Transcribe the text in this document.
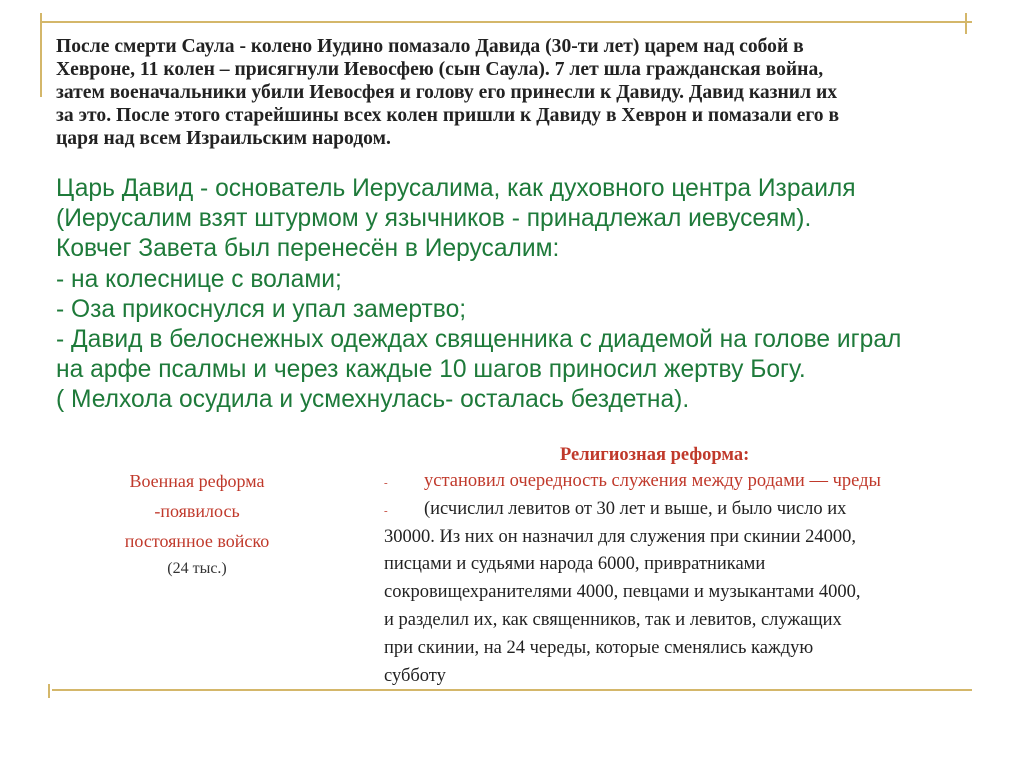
После смерти Саула - колено Иудино помазало Давида (30-ти лет) царем над собой в
Хевроне, 11 колен – присягнули Иевосфею (сын Саула). 7 лет шла гражданская война,
затем военачальники убили Иевосфея и голову его принесли к Давиду. Давид казнил их
за это. После этого старейшины всех колен пришли к Давиду в Хеврон и помазали его в
царя над всем Израильским народом.
Царь Давид - основатель Иерусалима, как духовного центра Израиля
(Иерусалим взят штурмом у язычников - принадлежал иевусеям).
Ковчег Завета был перенесён в Иерусалим:
- на колеснице с волами;
- Оза прикоснулся и упал замертво;
- Давид в белоснежных одеждах священника с диадемой на голове играл
на арфе псалмы и через каждые 10 шагов приносил жертву Богу.
( Мелхола осудила и усмехнулась- осталась бездетна).
Военная реформа
-появилось
постоянное войско
(24 тыс.)
Религиозная реформа:
- установил очередность служения между родами — чреды
- (исчислил левитов от 30 лет и выше, и было число их
30000. Из них он назначил для служения при скинии 24000,
писцами и судьями народа 6000, привратниками
сокровищехранителями 4000, певцами и музыкантами 4000,
и разделил их, как священников, так и левитов, служащих
при скинии, на 24 череды, которые сменялись каждую
субботу
